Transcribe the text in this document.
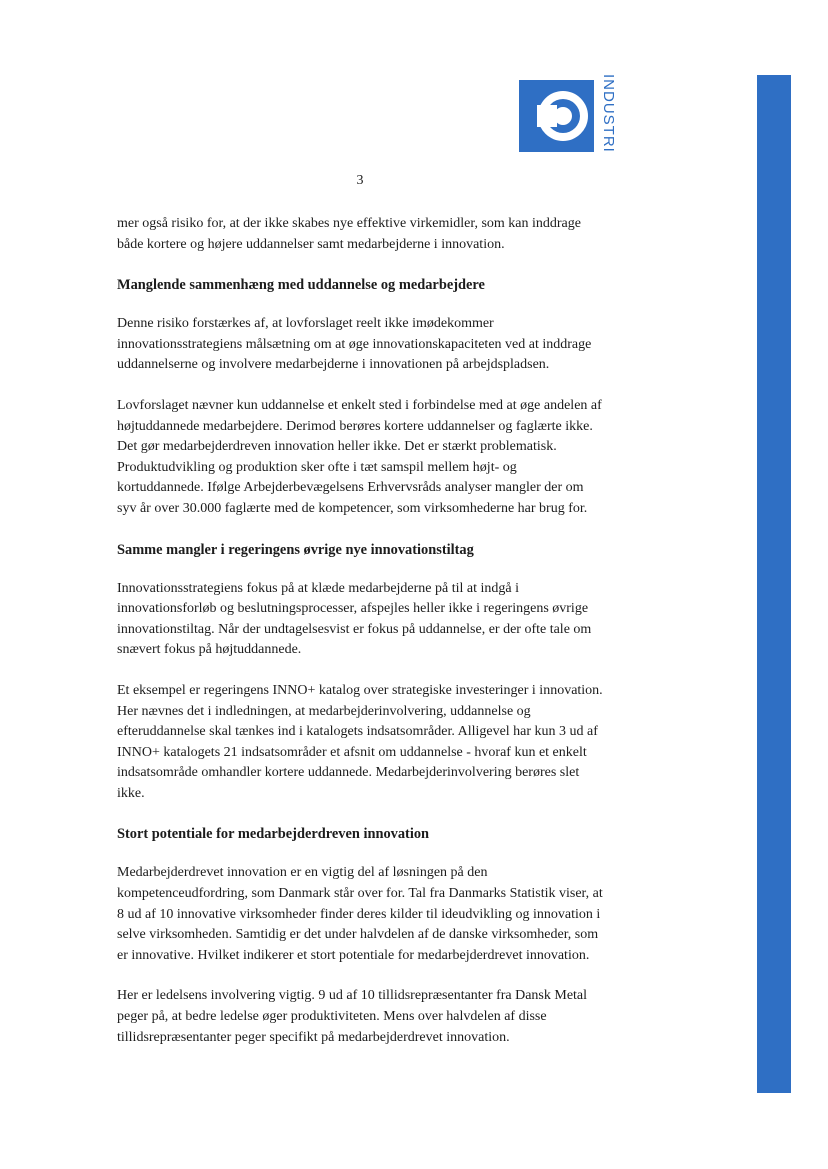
INDUSTRI
3

mer også risiko for, at der ikke skabes nye effektive virkemidler, som kan inddrage både kortere og højere uddannelser samt medarbejderne i innovation.

Manglende sammenhæng med uddannelse og medarbejdere

Denne risiko forstærkes af, at lovforslaget reelt ikke imødekommer innovationsstrategiens målsætning om at øge innovationskapaciteten ved at inddrage uddannelserne og involvere medarbejderne i innovationen på arbejdspladsen.

Lovforslaget nævner kun uddannelse et enkelt sted i forbindelse med at øge andelen af højtuddannede medarbejdere. Derimod berøres kortere uddannelser og faglærte ikke. Det gør medarbejderdreven innovation heller ikke. Det er stærkt problematisk. Produktudvikling og produktion sker ofte i tæt samspil mellem højt- og kortuddannede. Ifølge Arbejderbevægelsens Erhvervsråds analyser mangler der om syv år over 30.000 faglærte med de kompetencer, som virksomhederne har brug for.

Samme mangler i regeringens øvrige nye innovationstiltag

Innovationsstrategiens fokus på at klæde medarbejderne på til at indgå i innovationsforløb og beslutningsprocesser, afspejles heller ikke i regeringens øvrige innovationstiltag. Når der undtagelsesvist er fokus på uddannelse, er der ofte tale om snævert fokus på højtuddannede.

Et eksempel er regeringens INNO+ katalog over strategiske investeringer i innovation. Her nævnes det i indledningen, at medarbejderinvolvering, uddannelse og efteruddannelse skal tænkes ind i katalogets indsatsområder. Alligevel har kun 3 ud af INNO+ katalogets 21 indsatsområder et afsnit om uddannelse - hvoraf kun et enkelt indsatsområde omhandler kortere uddannede. Medarbejderinvolvering berøres slet ikke.

Stort potentiale for medarbejderdreven innovation

Medarbejderdrevet innovation er en vigtig del af løsningen på den kompetenceudfordring, som Danmark står over for. Tal fra Danmarks Statistik viser, at 8 ud af 10 innovative virksomheder finder deres kilder til ideudvikling og innovation i selve virksomheden. Samtidig er det under halvdelen af de danske virksomheder, som er innovative. Hvilket indikerer et stort potentiale for medarbejderdrevet innovation.

Her er ledelsens involvering vigtig. 9 ud af 10 tillidsrepræsentanter fra Dansk Metal peger på, at bedre ledelse øger produktiviteten. Mens over halvdelen af disse tillidsrepræsentanter peger specifikt på medarbejderdrevet innovation.
